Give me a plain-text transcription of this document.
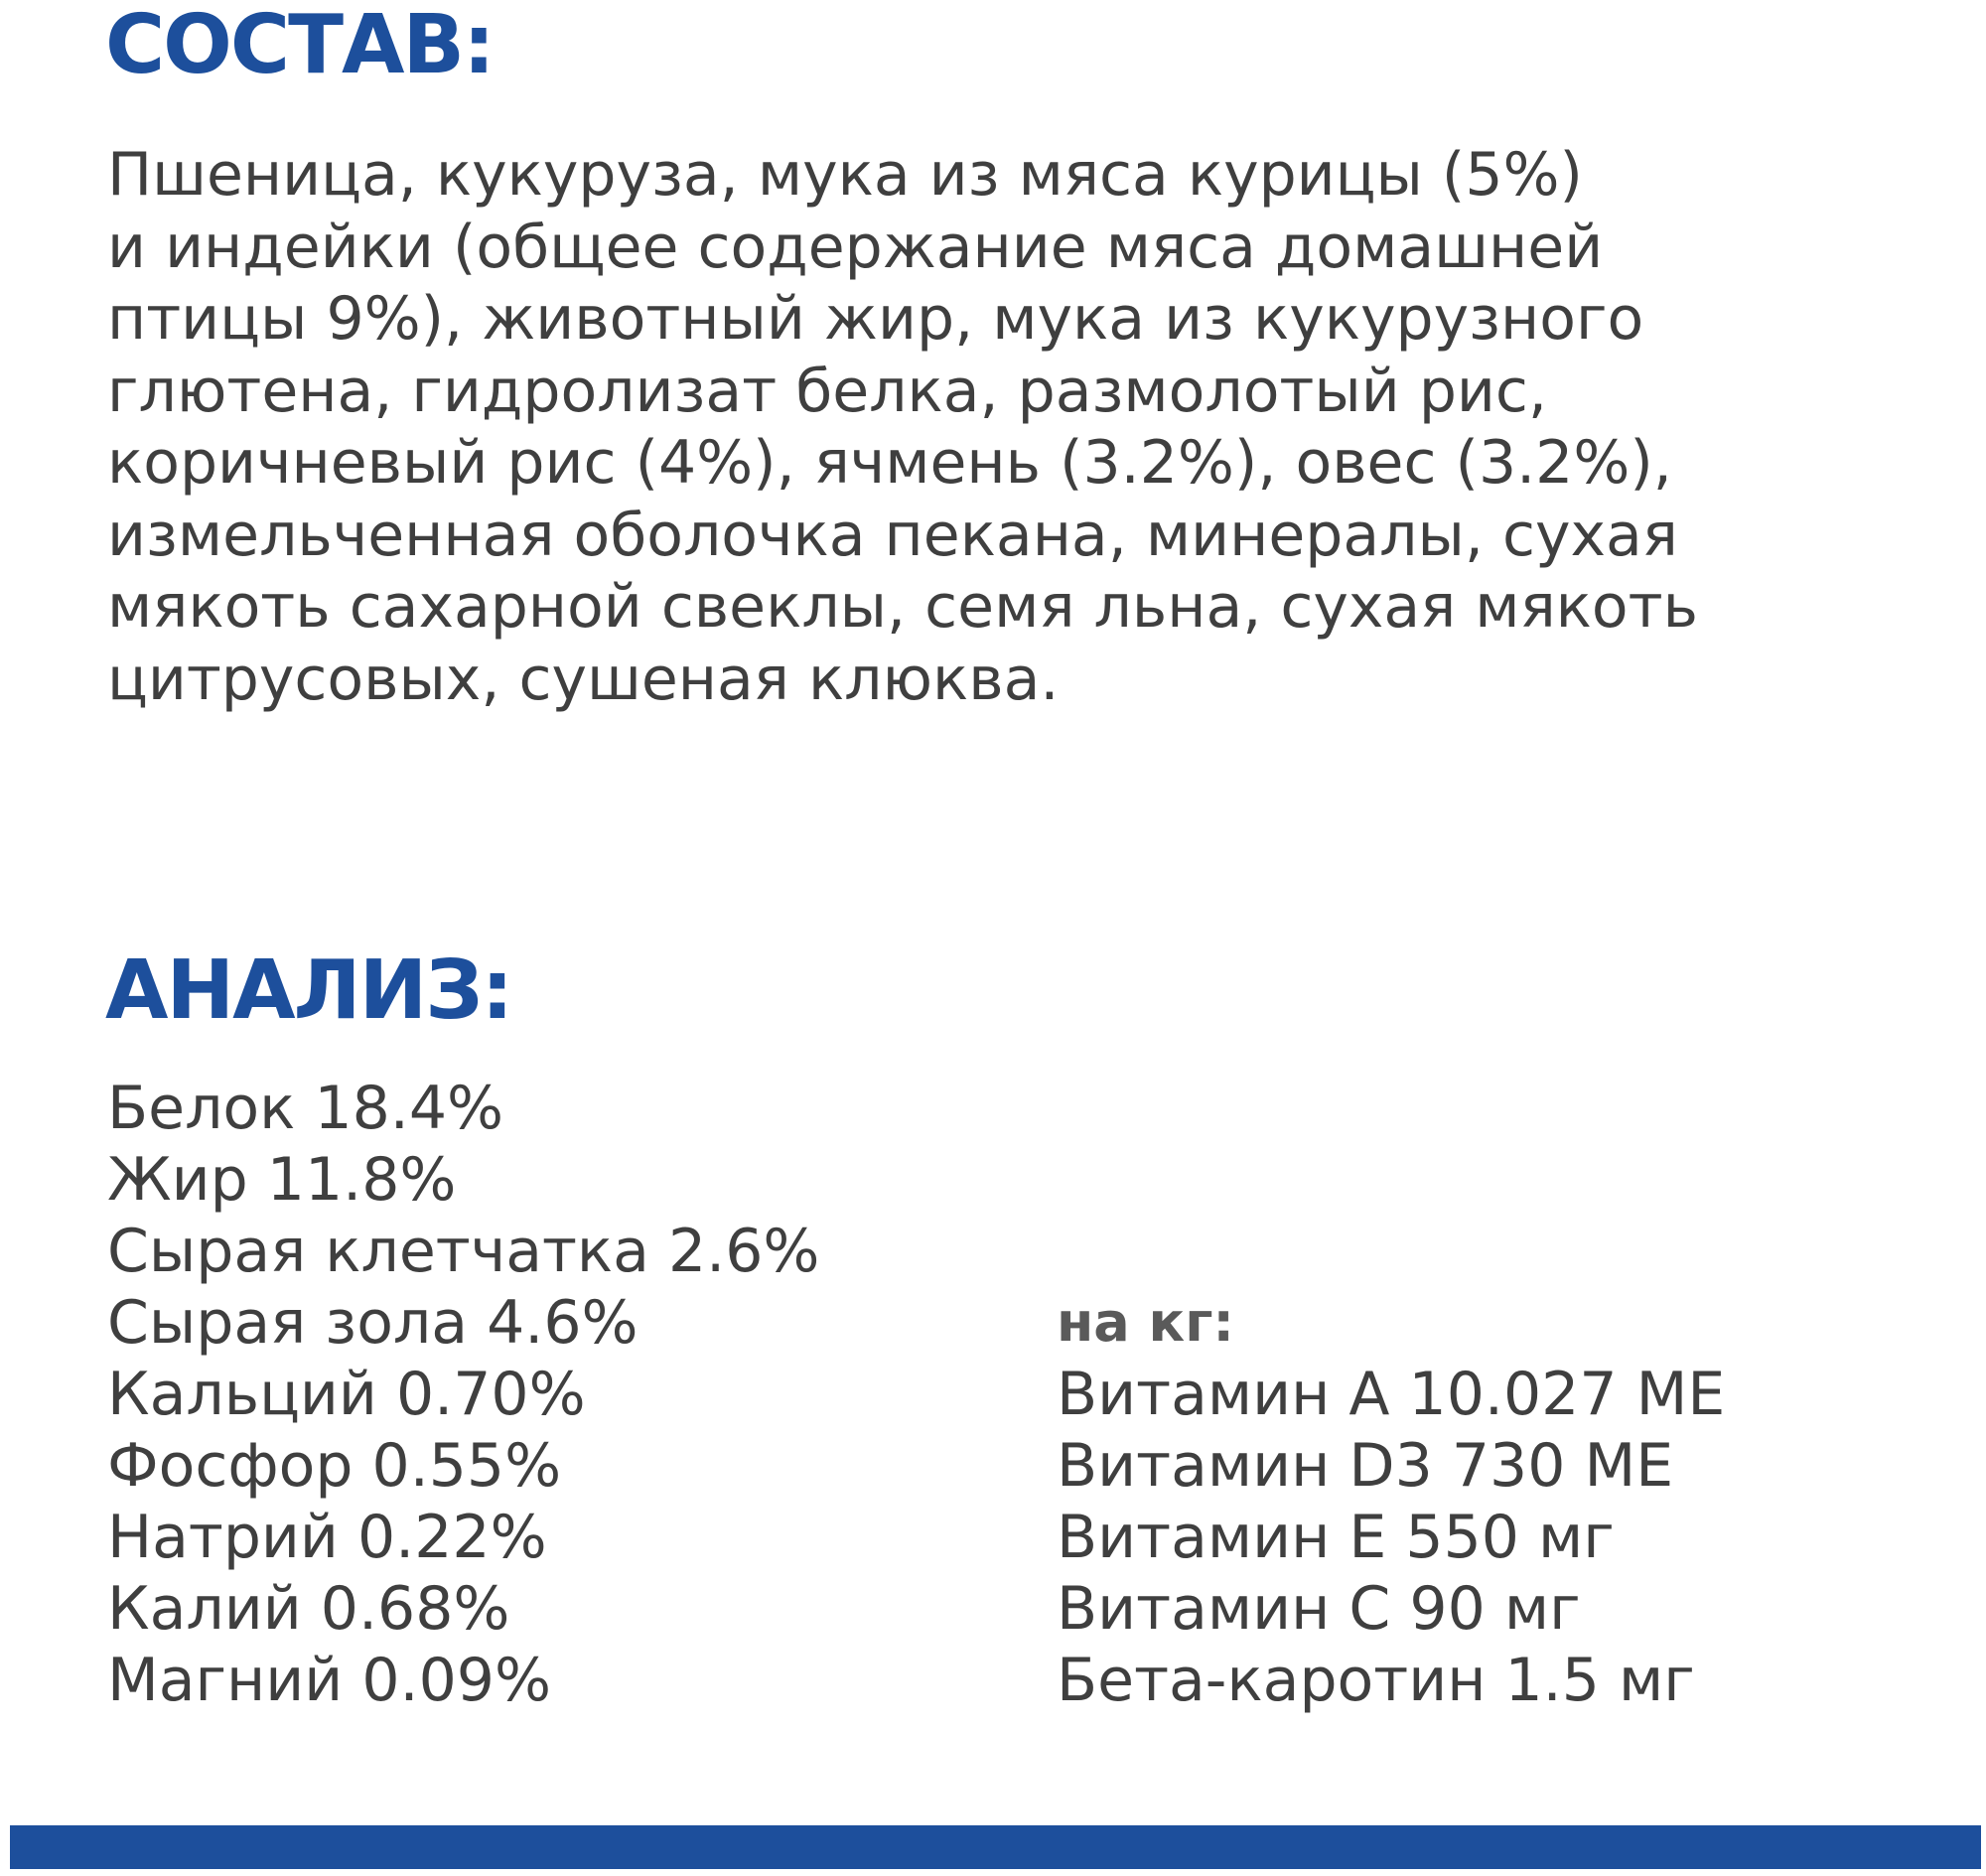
СОСТАВ:

Пшеница, кукуруза, мука из мяса курицы (5%)
и индейки (общее содержание мяса домашней
птицы 9%), животный жир, мука из кукурузного
глютена, гидролизат белка, размолотый рис,
коричневый рис (4%), ячмень (3.2%), овес (3.2%),
измельченная оболочка пекана, минералы, сухая
мякоть сахарной свеклы, семя льна, сухая мякоть
цитрусовых, сушеная клюква.

АНАЛИЗ:
Белок 18.4%
Жир 11.8%
Сырая клетчатка 2.6%
Сырая зола 4.6%
Кальций 0.70%
Фосфор 0.55%
Натрий 0.22%
Калий 0.68%
Магний 0.09%

на кг:

Витамин А 10.027 МЕ
Витамин D3 730 МЕ
Витамин Е 550 мг
Витамин С 90 мг
Бета-каротин 1.5 мг
